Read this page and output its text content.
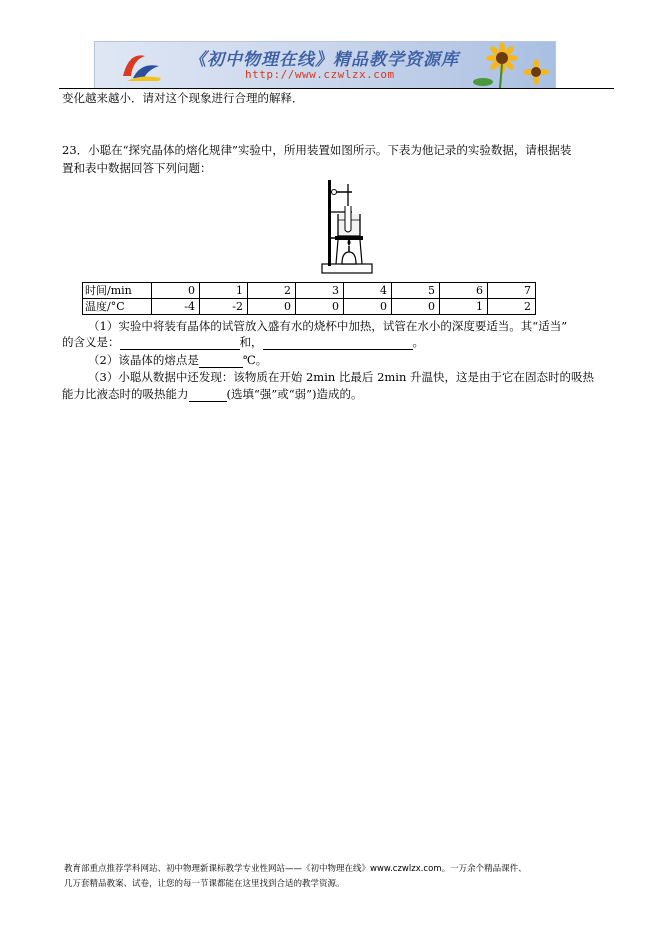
《初中物理在线》精品教学资源库
http://www.czwlzx.com
变化越来越小．请对这个现象进行合理的解释．
23．小聪在“探究晶体的熔化规律”实验中，所用装置如图所示。下表为他记录的实验数据，请根据装
置和表中数据回答下列问题：
时间/min	0	1	2	3	4	5	6	7
温度/°C	-4	-2	0	0	0	0	1	2
（1）实验中将装有晶体的试管放入盛有水的烧杯中加热，试管在水小的深度要适当。其“适当”
的含义是：	和，	。
（2）该晶体的熔点是	℃。
（3）小聪从数据中还发现：该物质在开始 2min 比最后 2min 升温快，这是由于它在固态时的吸热
能力比液态时的吸热能力	(选填“强”或“弱”)造成的。
教育部重点推荐学科网站、初中物理新课标教学专业性网站——《初中物理在线》www.czwlzx.com。一万余个精品课件、
几万套精品教案、试卷，让您的每一节课都能在这里找到合适的教学资源。
